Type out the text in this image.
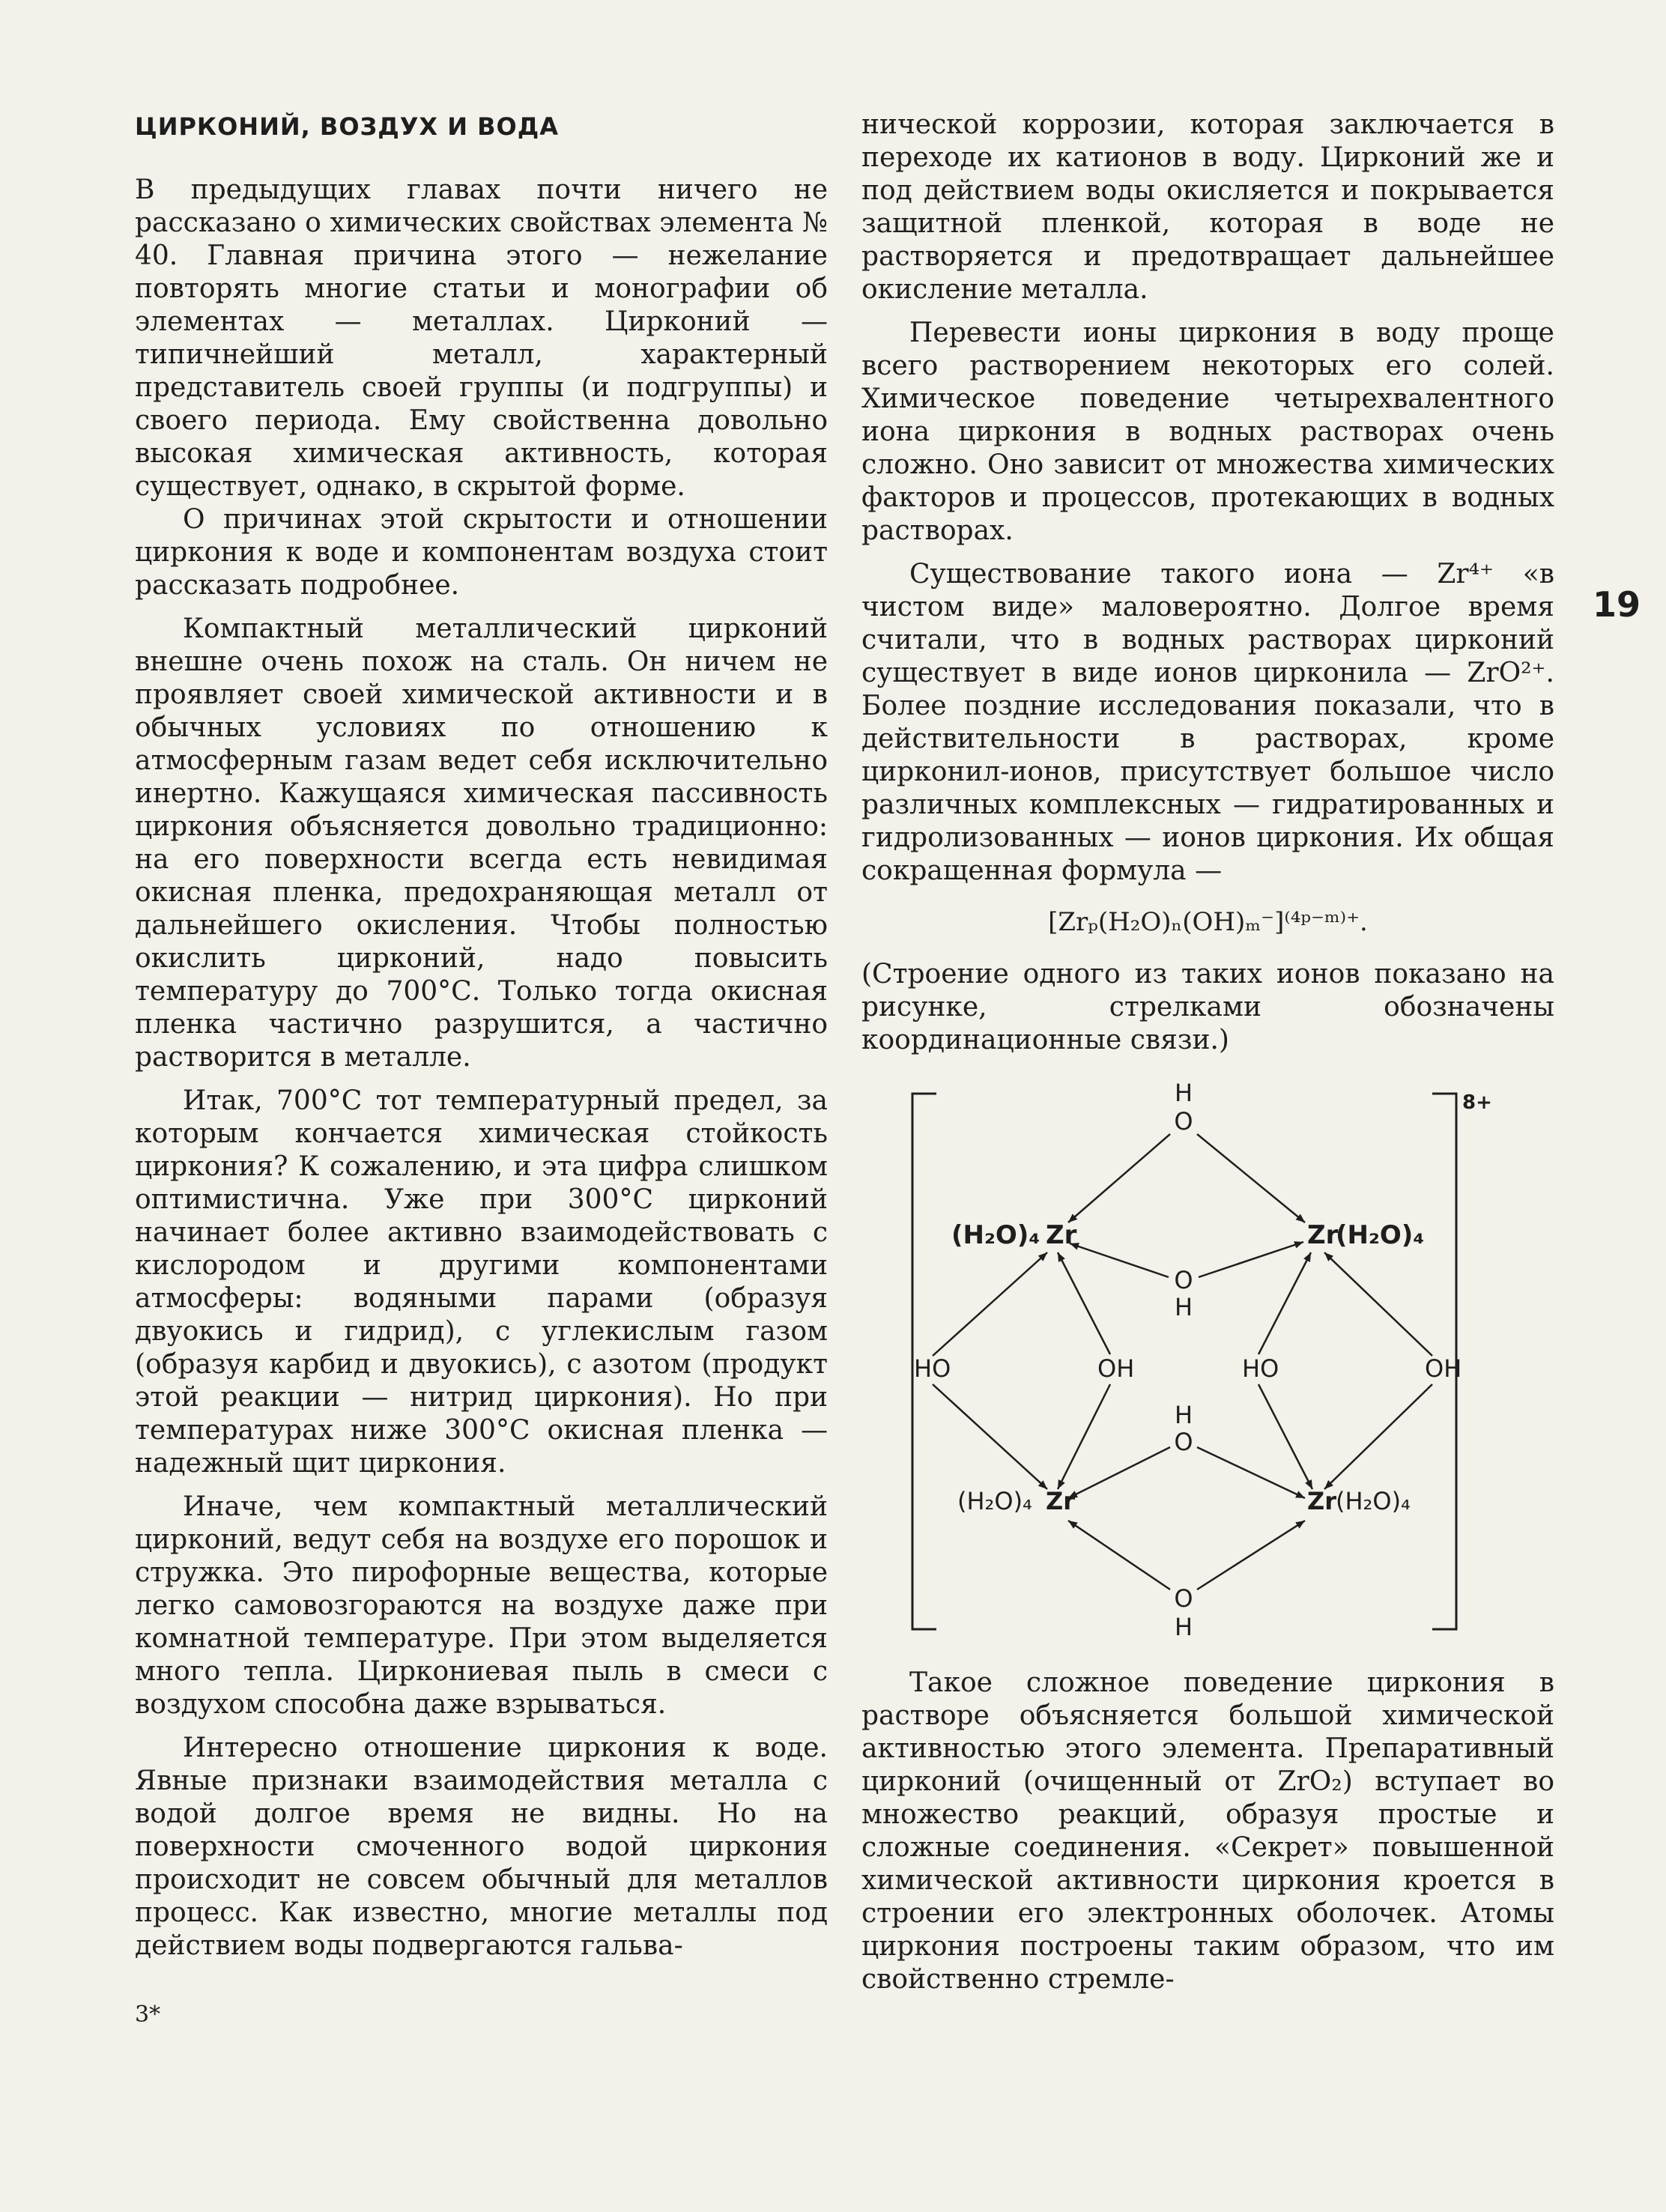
ЦИРКОНИЙ, ВОЗДУХ И ВОДА

В предыдущих главах почти ничего не рассказано о химических свойствах элемента № 40. Главная причина этого — нежелание повторять многие статьи и монографии об элементах — металлах. Цирконий — типичнейший металл, характерный представитель своей группы (и подгруппы) и своего периода. Ему свойственна довольно высокая химическая активность, которая существует, однако, в скрытой форме.

О причинах этой скрытости и отношении циркония к воде и компонентам воздуха стоит рассказать подробнее.

Компактный металлический цирконий внешне очень похож на сталь. Он ничем не проявляет своей химической активности и в обычных условиях по отношению к атмосферным газам ведет себя исключительно инертно. Кажущаяся химическая пассивность циркония объясняется довольно традиционно: на его поверхности всегда есть невидимая окисная пленка, предохраняющая металл от дальнейшего окисления. Чтобы полностью окислить цирконий, надо повысить температуру до 700°С. Только тогда окисная пленка частично разрушится, а частично растворится в металле.

Итак, 700°С тот температурный предел, за которым кончается химическая стойкость циркония? К сожалению, и эта цифра слишком оптимистична. Уже при 300°С цирконий начинает более активно взаимодействовать с кислородом и другими компонентами атмосферы: водяными парами (образуя двуокись и гидрид), с углекислым газом (образуя карбид и двуокись), с азотом (продукт этой реакции — нитрид циркония). Но при температурах ниже 300°С окисная пленка — надежный щит циркония.

Иначе, чем компактный металлический цирконий, ведут себя на воздухе его порошок и стружка. Это пирофорные вещества, которые легко самовозгораются на воздухе даже при комнатной температуре. При этом выделяется много тепла. Циркониевая пыль в смеси с воздухом способна даже взрываться.

Интересно отношение циркония к воде. Явные признаки взаимодействия металла с водой долгое время не видны. Но на поверхности смоченного водой циркония происходит не совсем обычный для металлов процесс. Как известно, многие металлы под действием воды подвергаются гальва-

нической коррозии, которая заключается в переходе их катионов в воду. Цирконий же и под действием воды окисляется и покрывается защитной пленкой, которая в воде не растворяется и предотвращает дальнейшее окисление металла.

Перевести ионы циркония в воду проще всего растворением некоторых его солей. Химическое поведение четырехвалентного иона циркония в водных растворах очень сложно. Оно зависит от множества химических факторов и процессов, протекающих в водных растворах.

Существование такого иона — Zr⁴⁺ «в чистом виде» маловероятно. Долгое время считали, что в водных растворах цирконий существует в виде ионов цирконила — ZrO²⁺. Более поздние исследования показали, что в действительности в растворах, кроме цирконил-ионов, присутствует большое число различных комплексных — гидратированных и гидролизованных — ионов циркония. Их общая сокращенная формула —

[Zrₚ(H₂O)ₙ(OH)ₘ⁻]⁽⁴ᵖ⁻ᵐ⁾⁺.

(Строение одного из таких ионов показано на рисунке, стрелками обозначены координационные связи.)

8+
H
O
(H₂O)₄ Zr	Zr
(H₂O)₄
O
H
HO	OH	HO	OH
H
O
(H₂O)₄ Zr	Zr (H₂O)₄
O
H

Такое сложное поведение циркония в растворе объясняется большой химической активностью этого элемента. Препаративный цирконий (очищенный от ZrO₂) вступает во множество реакций, образуя простые и сложные соединения. «Секрет» повышенной химической активности циркония кроется в строении его электронных оболочек. Атомы циркония построены таким образом, что им свойственно стремле-

19
3*
